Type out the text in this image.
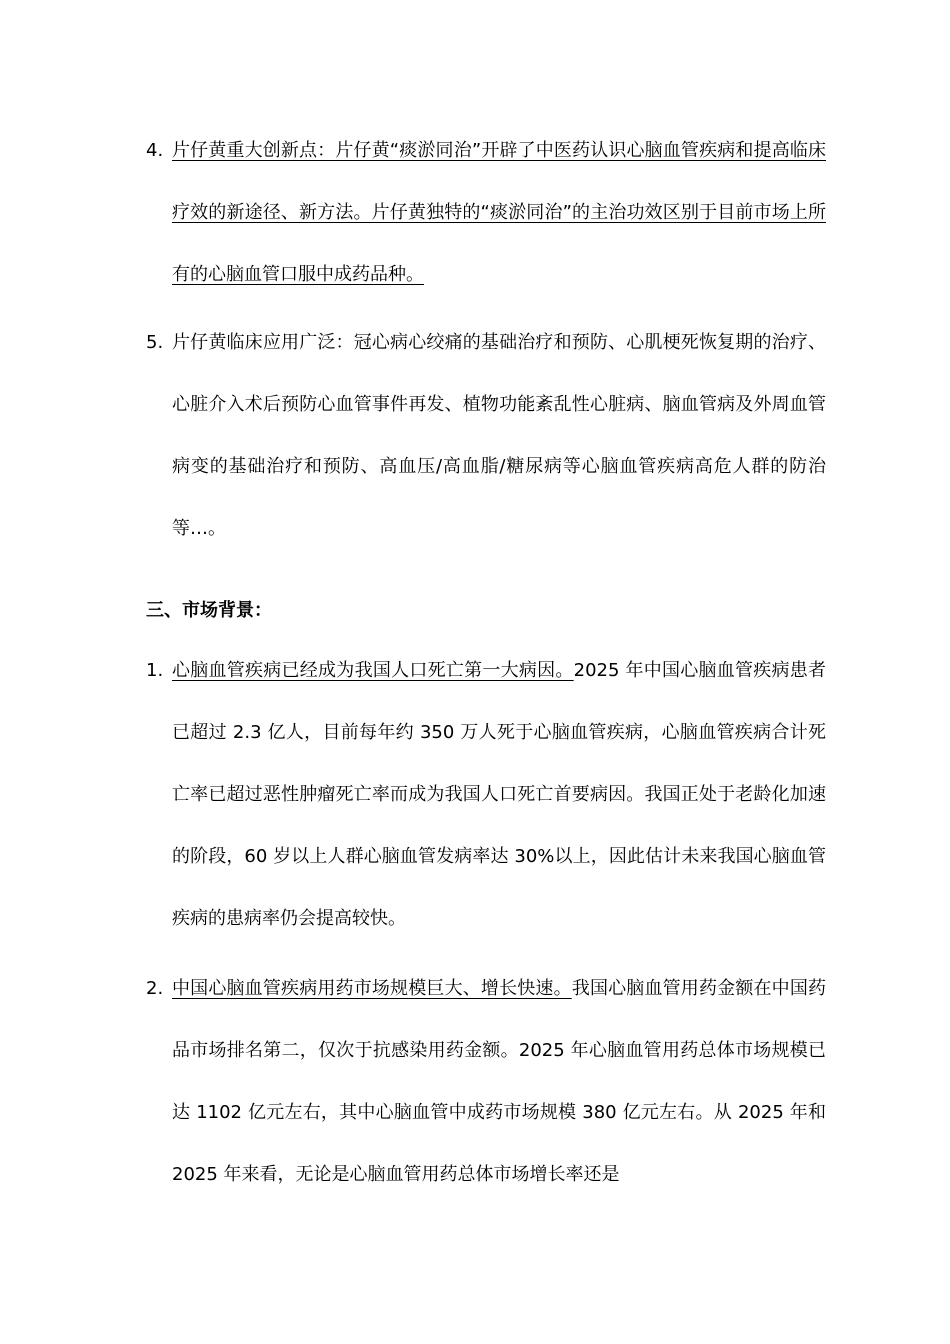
4. 片仔黄重大创新点：片仔黄“痰淤同治”开辟了中医药认识心脑血管疾病和提高临床疗效的新途径、新方法。片仔黄独特的“痰淤同治”的主治功效区别于目前市场上所有的心脑血管口服中成药品种。
5. 片仔黄临床应用广泛：冠心病心绞痛的基础治疗和预防、心肌梗死恢复期的治疗、心脏介入术后预防心血管事件再发、植物功能紊乱性心脏病、脑血管病及外周血管病变的基础治疗和预防、高血压/高血脂/糖尿病等心脑血管疾病高危人群的防治等…。
三、市场背景：
1. 心脑血管疾病已经成为我国人口死亡第一大病因。2025 年中国心脑血管疾病患者已超过 2.3 亿人，目前每年约 350 万人死于心脑血管疾病，心脑血管疾病合计死亡率已超过恶性肿瘤死亡率而成为我国人口死亡首要病因。我国正处于老龄化加速的阶段，60 岁以上人群心脑血管发病率达 30%以上，因此估计未来我国心脑血管疾病的患病率仍会提高较快。
2. 中国心脑血管疾病用药市场规模巨大、增长快速。我国心脑血管用药金额在中国药品市场排名第二，仅次于抗感染用药金额。2025 年心脑血管用药总体市场规模已达 1102 亿元左右，其中心脑血管中成药市场规模 380 亿元左右。从 2025 年和 2025 年来看，无论是心脑血管用药总体市场增长率还是
